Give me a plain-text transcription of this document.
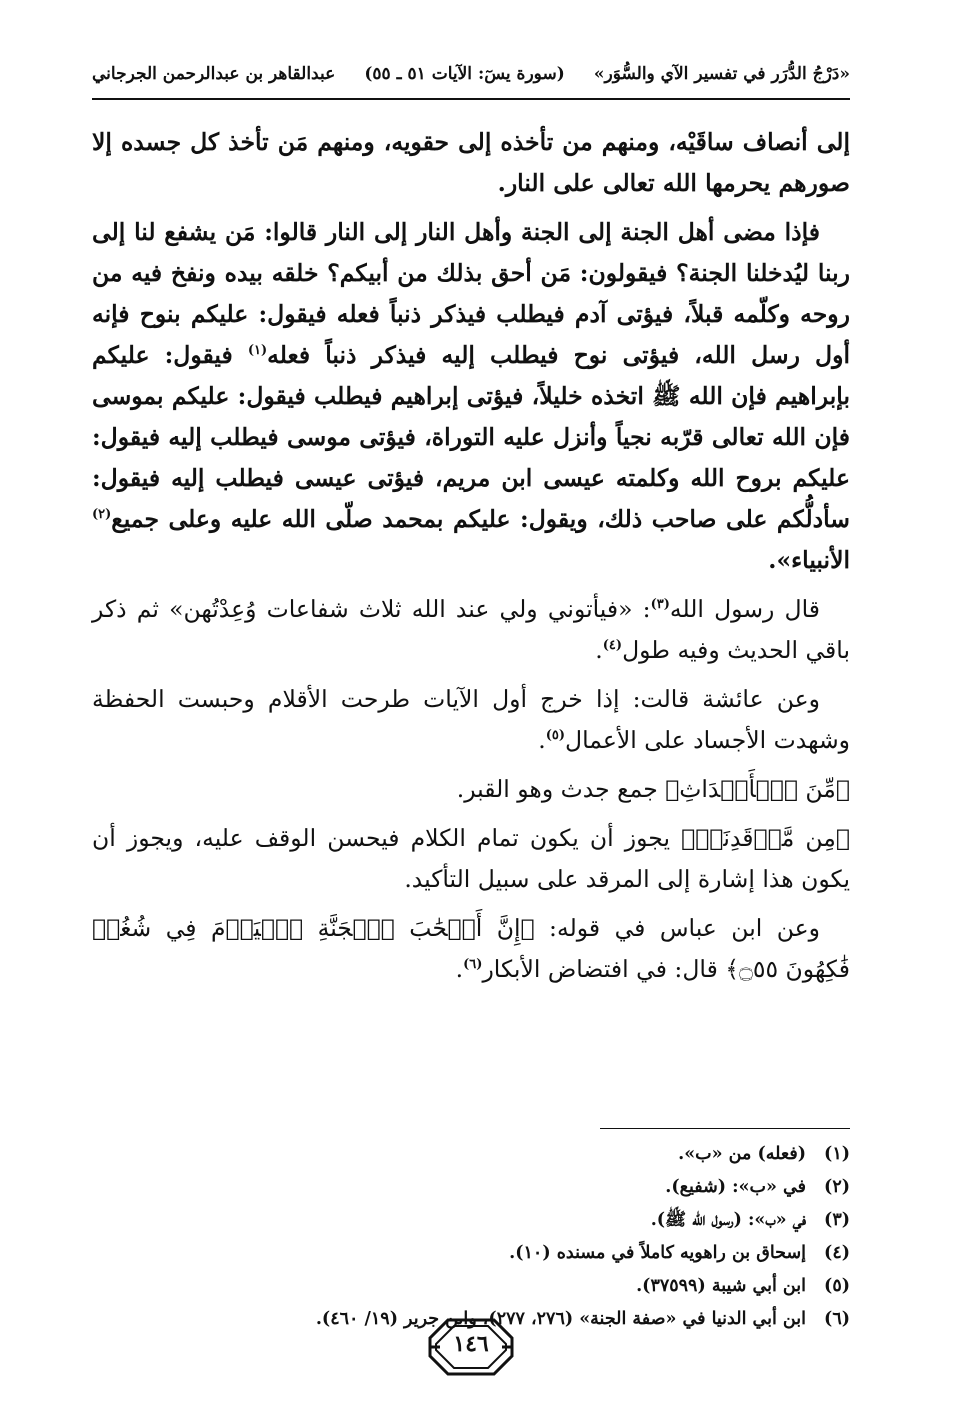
«دَرْجُ الدُّرَر في تفسير الآي والسُّوَر»
(سورة يسٓ: الآيات ٥١ ـ ٥٥)
عبدالقاهر بن عبدالرحمن الجرجاني

إلى أنصاف ساقَيْه، ومنهم من تأخذه إلى حقويه، ومنهم مَن تأخذ كل جسده إلا صورهم يحرمها الله تعالى على النار.

فإذا مضى أهل الجنة إلى الجنة وأهل النار إلى النار قالوا: مَن يشفع لنا إلى ربنا ليُدخلنا الجنة؟ فيقولون: مَن أحق بذلك من أبيكم؟ خلقه بيده ونفخ فيه من روحه وكلّمه قبلاً، فيؤتى آدم فيطلب فيذكر ذنباً فعله فيقول: عليكم بنوح فإنه أول رسل الله، فيؤتى نوح فيطلب إليه فيذكر ذنباً فعله$^{(١)}$ فيقول: عليكم بإبراهيم فإن الله ﷺ اتخذه خليلاً، فيؤتى إبراهيم فيطلب فيقول: عليكم بموسى فإن الله تعالى قرّبه نجياً وأنزل عليه التوراة، فيؤتى موسى فيطلب إليه فيقول: عليكم بروح الله وكلمته عيسى ابن مريم، فيؤتى عيسى فيطلب إليه فيقول: سأدلُّكم على صاحب ذلك، ويقول: عليكم بمحمد صلّى الله عليه وعلى جميع$^{(٢)}$ الأنبياء».

قال رسول الله$^{(٣)}$: «فيأتوني ولي عند الله ثلاث شفاعات وُعِدْتُهن» ثم ذكر باقي الحديث وفيه طول$^{(٤)}$.

وعن عائشة قالت: إذا خرج أول الآيات طرحت الأقلام وحبست الحفظة وشهدت الأجساد على الأعمال$^{(٥)}$.

﴿مِّنَ ٱلۡأَجۡدَاثِ﴾ جمع جدث وهو القبر.

﴿مِن مَّرۡقَدِنَاۜ﴾ يجوز أن يكون تمام الكلام فيحسن الوقف عليه، ويجوز أن يكون هذا إشارة إلى المرقد على سبيل التأكيد.

وعن ابن عباس في قوله: ﴿إِنَّ أَصۡحَٰبَ ٱلۡجَنَّةِ ٱلۡيَوۡمَ فِي شُغُلٖ فَٰكِهُونَ ۝٥٥﴾ قال: في افتضاض الأبكار$^{(٦)}$.

(١)
(فعله) من «ب».
(٢)
في «ب»: (شفيع).
(٣)
في «ب»: (رسول الله ﷺ).
(٤)
إسحاق بن راهويه كاملاً في مسنده (١٠).
(٥)
ابن أبي شيبة (٣٧٥٩٩).
(٦)
ابن أبي الدنيا في «صفة الجنة» (٢٧٦، ٢٧٧)، وابن جرير (١٩/ ٤٦٠).
١٤٦
